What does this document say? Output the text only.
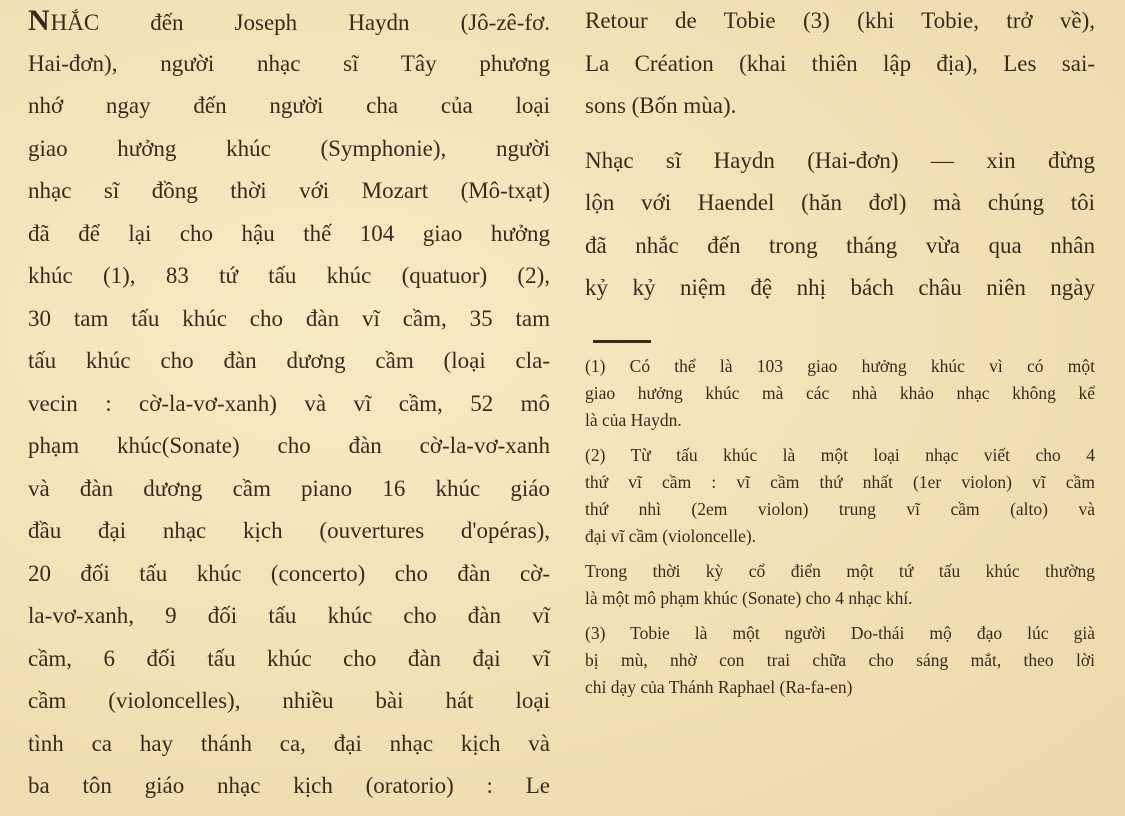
NHẮC đến Joseph Haydn (Jô-zê-fơ.
Hai-đơn), người nhạc sĩ Tây phương
nhớ ngay đến người cha của loại
giao hưởng khúc (Symphonie), người
nhạc sĩ đồng thời với Mozart (Mô-txạt)
đã để lại cho hậu thế 104 giao hưởng
khúc (1), 83 tứ tấu khúc (quatuor) (2),
30 tam tấu khúc cho đàn vĩ cầm, 35 tam
tấu khúc cho đàn dương cầm (loại cla-
vecin : cờ-la-vơ-xanh) và vĩ cầm, 52 mô
phạm khúc(Sonate) cho đàn cờ-la-vơ-xanh
và đàn dương cầm piano 16 khúc giáo
đầu đại nhạc kịch (ouvertures d'opéras),
20 đối tấu khúc (concerto) cho đàn cờ-
la-vơ-xanh, 9 đối tấu khúc cho đàn vĩ
cầm, 6 đối tấu khúc cho đàn đại vĩ
cầm (violoncelles), nhiều bài hát loại
tình ca hay thánh ca, đại nhạc kịch và
ba tôn giáo nhạc kịch (oratorio) : Le
Retour de Tobie (3) (khi Tobie, trở về),
La Création (khai thiên lập địa), Les sai-
sons (Bốn mùa).
Nhạc sĩ Haydn (Hai-đơn) — xin đừng
lộn với Haendel (hăn đơl) mà chúng tôi
đã nhắc đến trong tháng vừa qua nhân
kỷ kỷ niệm đệ nhị bách châu niên ngày
(1) Có thể là 103 giao hưởng khúc vì có một
giao hưởng khúc mà các nhà khảo nhạc không kể
là của Haydn.
(2) Từ tấu khúc là một loại nhạc viết cho 4
thứ vĩ cầm : vĩ cầm thứ nhất (1er violon) vĩ cầm
thứ nhì (2em violon) trung vĩ cầm (alto) và
đại vĩ cầm (violoncelle).
Trong thời kỳ cổ điển một tứ tấu khúc thường
là một mô phạm khúc (Sonate) cho 4 nhạc khí.
(3) Tobie là một người Do-thái mộ đạo lúc già
bị mù, nhờ con trai chữa cho sáng mắt, theo lời
chỉ dạy của Thánh Raphael (Ra-fa-en)
